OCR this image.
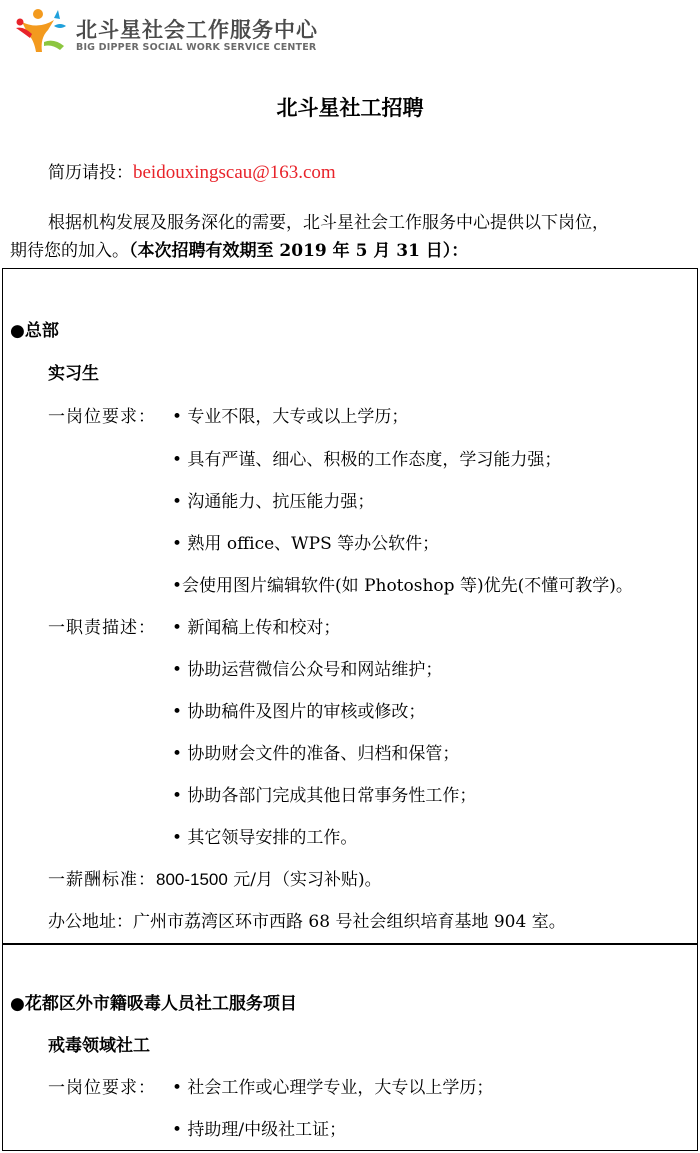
北斗星社会工作服务中心
BIG DIPPER SOCIAL WORK SERVICE CENTER
北斗星社工招聘
简历请投：beidouxingscau@163.com
根据机构发展及服务深化的需要，北斗星社会工作服务中心提供以下岗位，
期待您的加入。（本次招聘有效期至 2019 年 5 月 31 日）：
●总部
实习生
一岗位要求： • 专业不限，大专或以上学历；
• 具有严谨、细心、积极的工作态度，学习能力强；
• 沟通能力、抗压能力强；
• 熟用 office、WPS 等办公软件；
•会使用图片编辑软件(如 Photoshop 等)优先(不懂可教学)。
一职责描述： • 新闻稿上传和校对；
• 协助运营微信公众号和网站维护；
• 协助稿件及图片的审核或修改；
• 协助财会文件的准备、归档和保管；
• 协助各部门完成其他日常事务性工作；
• 其它领导安排的工作。
一薪酬标准：800-1500 元/月（实习补贴)。
办公地址：广州市荔湾区环市西路 68 号社会组织培育基地 904 室。
●花都区外市籍吸毒人员社工服务项目
戒毒领域社工
一岗位要求： • 社会工作或心理学专业，大专以上学历；
• 持助理/中级社工证；
